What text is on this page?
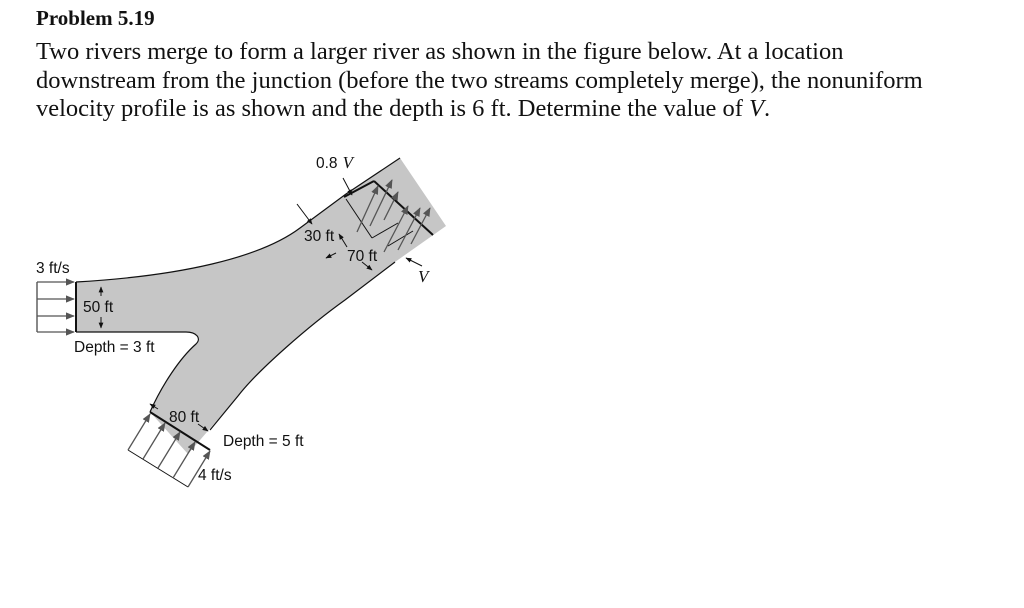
Problem 5.19
Two rivers merge to form a larger river as shown in the figure below. At a location
downstream from the junction (before the two streams completely merge), the nonuniform
velocity profile is as shown and the depth is 6 ft. Determine the value of V.
3 ft/s
50 ft
Depth = 3 ft
80 ft
Depth = 5 ft
4 ft/s
0.8 V
30 ft
70 ft
V
